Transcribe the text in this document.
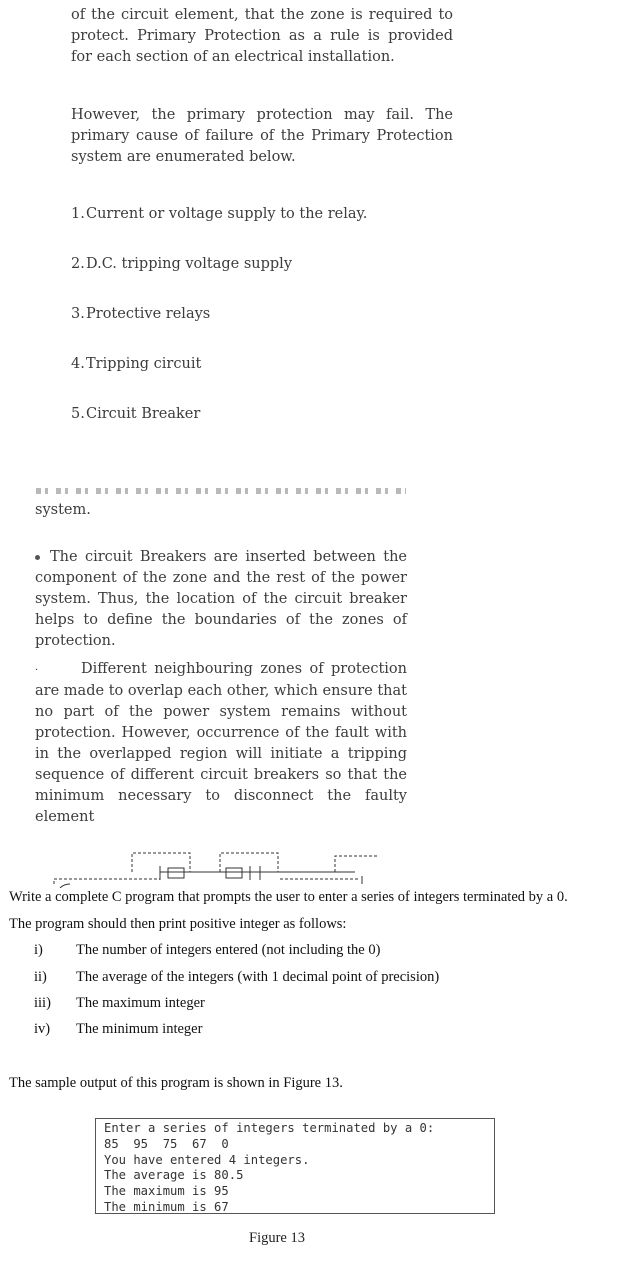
of the circuit element, that the zone is required to protect. Primary Protection as a rule is provided for each section of an electrical installation.
However, the primary protection may fail. The primary cause of failure of the Primary Protection system are enumerated below.
1.Current or voltage supply to the relay.
2.D.C. tripping voltage supply
3.Protective relays
4.Tripping circuit
5.Circuit Breaker
system.
The circuit Breakers are inserted between the component of the zone and the rest of the power system. Thus, the location of the circuit breaker helps to define the boundaries of the zones of protection.
·	Different neighbouring zones of protection are made to overlap each other, which ensure that no part of the power system remains without protection. However, occurrence of the fault with in the overlapped region will initiate a tripping sequence of different circuit breakers so that the minimum necessary to disconnect the faulty element
Write a complete C program that prompts the user to enter a series of integers terminated by a 0.
The program should then print positive integer as follows:
i) The number of integers entered (not including the 0)
ii) The average of the integers (with 1 decimal point of precision)
iii) The maximum integer
iv) The minimum integer
The sample output of this program is shown in Figure 13.
Enter a series of integers terminated by a 0:
85  95  75  67  0
You have entered 4 integers.
The average is 80.5
The maximum is 95
The minimum is 67
Figure 13
